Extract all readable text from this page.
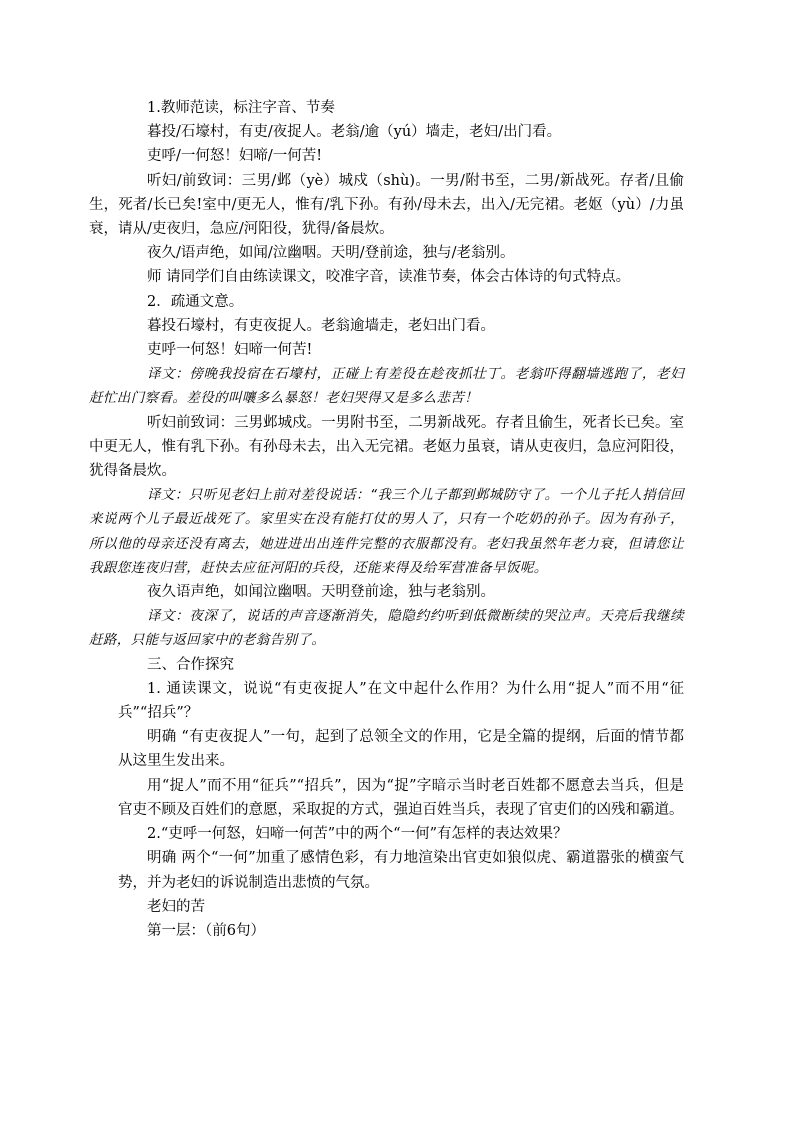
1.教师范读，标注字音、节奏

暮投/石壕村，有吏/夜捉人。老翁/逾（yú）墙走，老妇/出门看。

吏呼/一何怒！妇啼/一何苦!

听妇/前致词：三男/邺（yè）城戍（shù)。一男/附书至，二男/新战死。存者/且偷生，死者/长已矣!室中/更无人，惟有/乳下孙。有孙/母未去，出入/无完裙。老妪（yù）/力虽衰，请从/吏夜归，急应/河阳役，犹得/备晨炊。

夜久/语声绝，如闻/泣幽咽。天明/登前途，独与/老翁别。

师 请同学们自由练读课文，咬准字音，读准节奏，体会古体诗的句式特点。

2．疏通文意。

暮投石壕村，有吏夜捉人。老翁逾墙走，老妇出门看。

吏呼一何怒！妇啼一何苦!

译文：傍晚我投宿在石壕村，正碰上有差役在趁夜抓壮丁。老翁吓得翻墙逃跑了，老妇赶忙出门察看。差役的叫嚷多么暴怒！老妇哭得又是多么悲苦！

听妇前致词：三男邺城戍。一男附书至，二男新战死。存者且偷生，死者长已矣。室中更无人，惟有乳下孙。有孙母未去，出入无完裙。老妪力虽衰，请从吏夜归，急应河阳役，犹得备晨炊。

译文：只听见老妇上前对差役说话：“我三个儿子都到邺城防守了。一个儿子托人捎信回来说两个儿子最近战死了。家里实在没有能打仗的男人了，只有一个吃奶的孙子。因为有孙子，所以他的母亲还没有离去，她进进出出连件完整的衣服都没有。老妇我虽然年老力衰，但请您让我跟您连夜归营，赶快去应征河阳的兵役，还能来得及给军营准备早饭呢。

夜久语声绝，如闻泣幽咽。天明登前途，独与老翁别。

译文：夜深了，说话的声音逐渐消失，隐隐约约听到低微断续的哭泣声。天亮后我继续赶路，只能与返回家中的老翁告别了。

三、合作探究

1. 通读课文，说说“有吏夜捉人”在文中起什么作用？为什么用“捉人”而不用“征兵”“招兵”？

明确 “有吏夜捉人”一句，起到了总领全文的作用，它是全篇的提纲，后面的情节都从这里生发出来。

用“捉人”而不用“征兵”“招兵”，因为“捉”字暗示当时老百姓都不愿意去当兵，但是官吏不顾及百姓们的意愿，采取捉的方式，强迫百姓当兵，表现了官吏们的凶残和霸道。

2.“吏呼一何怒，妇啼一何苦”中的两个“一何”有怎样的表达效果？

明确 两个“一何”加重了感情色彩，有力地渲染出官吏如狼似虎、霸道嚣张的横蛮气势，并为老妇的诉说制造出悲愤的气氛。

老妇的苦

第一层：（前6句）
